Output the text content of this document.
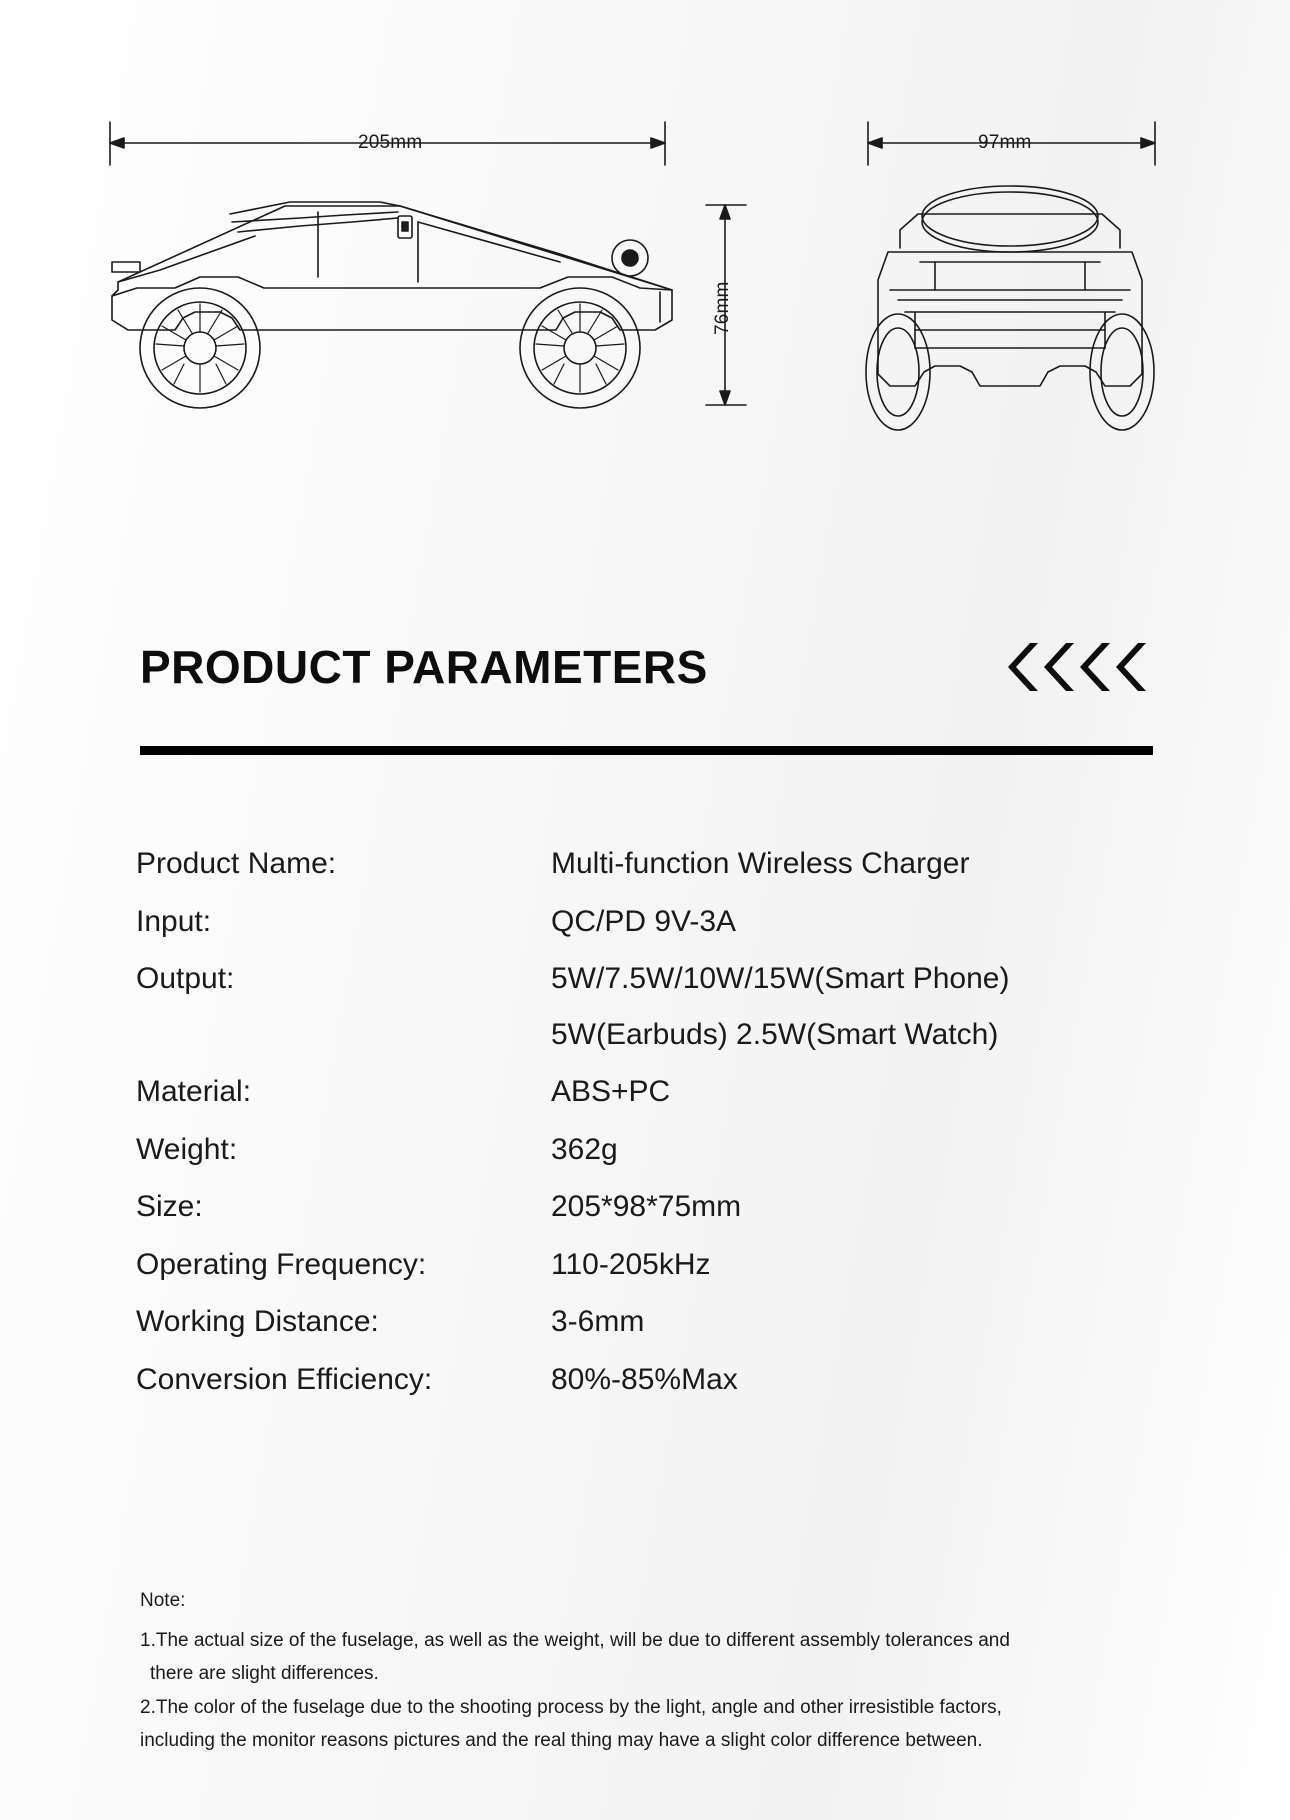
205mm	97mm
76mm
PRODUCT PARAMETERS
Product Name:	Multi-function Wireless Charger
Input:	QC/PD 9V-3A
Output:	5W/7.5W/10W/15W(Smart Phone)
5W(Earbuds) 2.5W(Smart Watch)
Material:	ABS+PC
Weight:	362g
Size:	205*98*75mm
Operating Frequency:	110-205kHz
Working Distance:	3-6mm
Conversion Efficiency:	80%-85%Max
Note:
1.The actual size of the fuselage, as well as the weight, will be due to different assembly tolerances and
there are slight differences.
2.The color of the fuselage due to the shooting process by the light, angle and other irresistible factors,
including the monitor reasons pictures and the real thing may have a slight color difference between.
